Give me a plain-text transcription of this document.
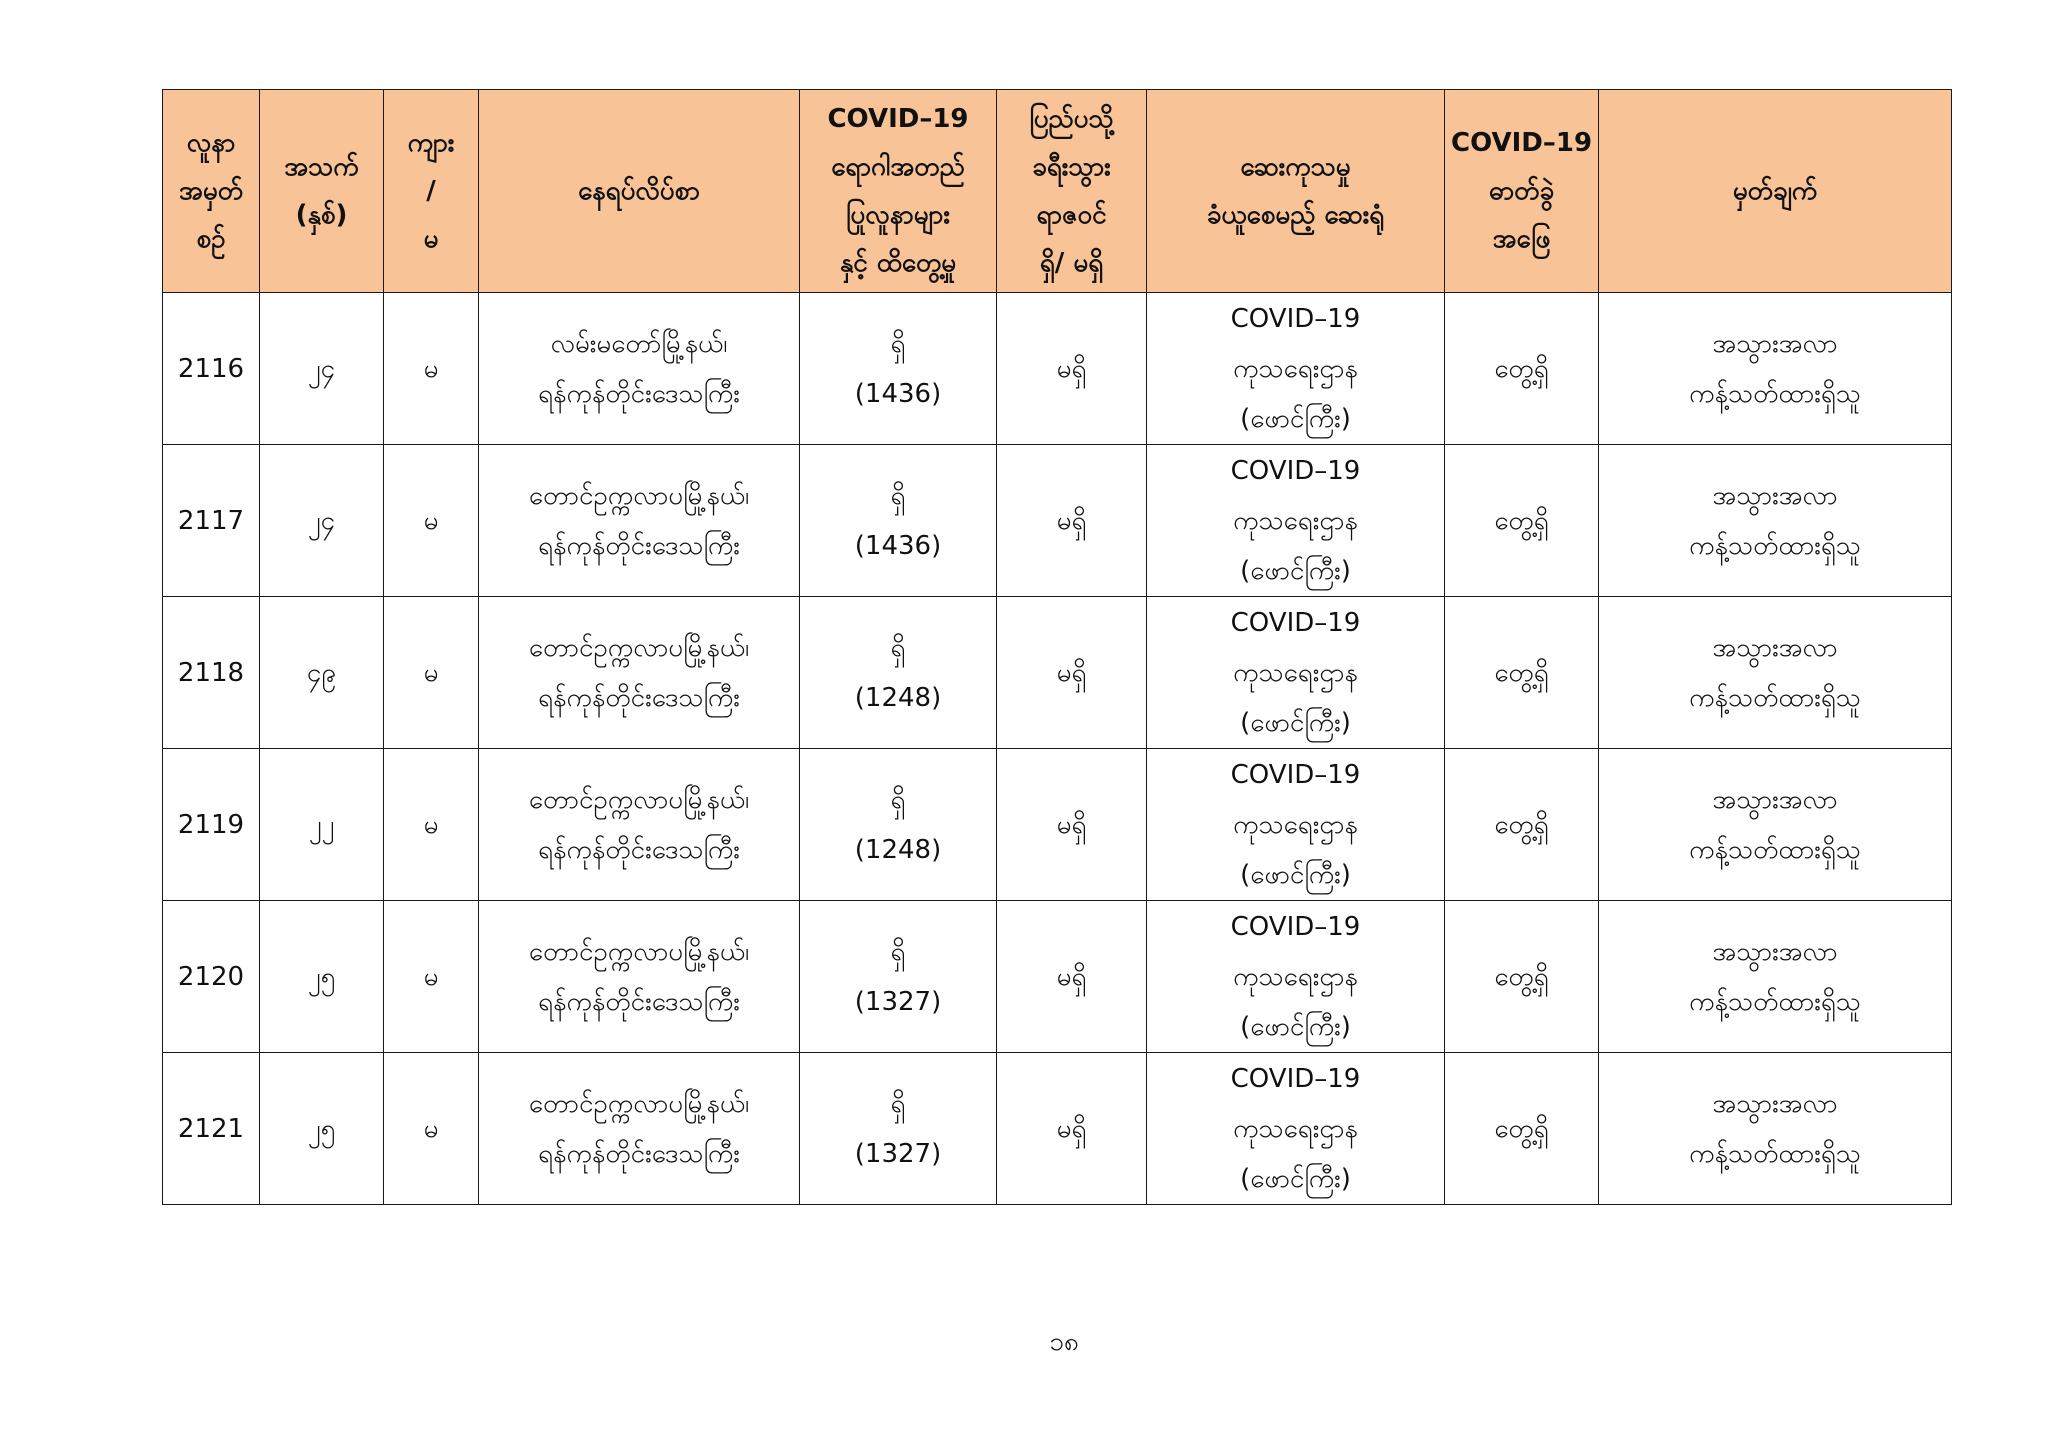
လူနာ
အမှတ်
စဉ်	အသက်
(နှစ်)	ကျား
/
မ	နေရပ်လိပ်စာ	COVID–19
ရောဂါအတည်
ပြုလူနာများ
နှင့် ထိတွေ့မှု	ပြည်ပသို့
ခရီးသွား
ရာဇဝင်
ရှိ/ မရှိ	ဆေးကုသမှု
ခံယူစေမည့် ဆေးရုံ	COVID–19
ဓာတ်ခွဲ
အဖြေ	မှတ်ချက်

2116	၂၄	မ	လမ်းမတော်မြို့နယ်၊
ရန်ကုန်တိုင်းဒေသကြီး	ရှိ
(1436)	မရှိ	COVID–19
ကုသရေးဌာန
(ဖောင်ကြီး)	တွေ့ရှိ	အသွားအလာ
ကန့်သတ်ထားရှိသူ

2117	၂၄	မ	တောင်ဥက္ကလာပမြို့နယ်၊
ရန်ကုန်တိုင်းဒေသကြီး	ရှိ
(1436)	မရှိ	COVID–19
ကုသရေးဌာန
(ဖောင်ကြီး)	တွေ့ရှိ	အသွားအလာ
ကန့်သတ်ထားရှိသူ

2118	၄၉	မ	တောင်ဥက္ကလာပမြို့နယ်၊
ရန်ကုန်တိုင်းဒေသကြီး	ရှိ
(1248)	မရှိ	COVID–19
ကုသရေးဌာန
(ဖောင်ကြီး)	တွေ့ရှိ	အသွားအလာ
ကန့်သတ်ထားရှိသူ

2119	၂၂	မ	တောင်ဥက္ကလာပမြို့နယ်၊
ရန်ကုန်တိုင်းဒေသကြီး	ရှိ
(1248)	မရှိ	COVID–19
ကုသရေးဌာန
(ဖောင်ကြီး)	တွေ့ရှိ	အသွားအလာ
ကန့်သတ်ထားရှိသူ

2120	၂၅	မ	တောင်ဥက္ကလာပမြို့နယ်၊
ရန်ကုန်တိုင်းဒေသကြီး	ရှိ
(1327)	မရှိ	COVID–19
ကုသရေးဌာန
(ဖောင်ကြီး)	တွေ့ရှိ	အသွားအလာ
ကန့်သတ်ထားရှိသူ

2121	၂၅	မ	တောင်ဥက္ကလာပမြို့နယ်၊
ရန်ကုန်တိုင်းဒေသကြီး	ရှိ
(1327)	မရှိ	COVID–19
ကုသရေးဌာန
(ဖောင်ကြီး)	တွေ့ရှိ	အသွားအလာ
ကန့်သတ်ထားရှိသူ
၁၈
